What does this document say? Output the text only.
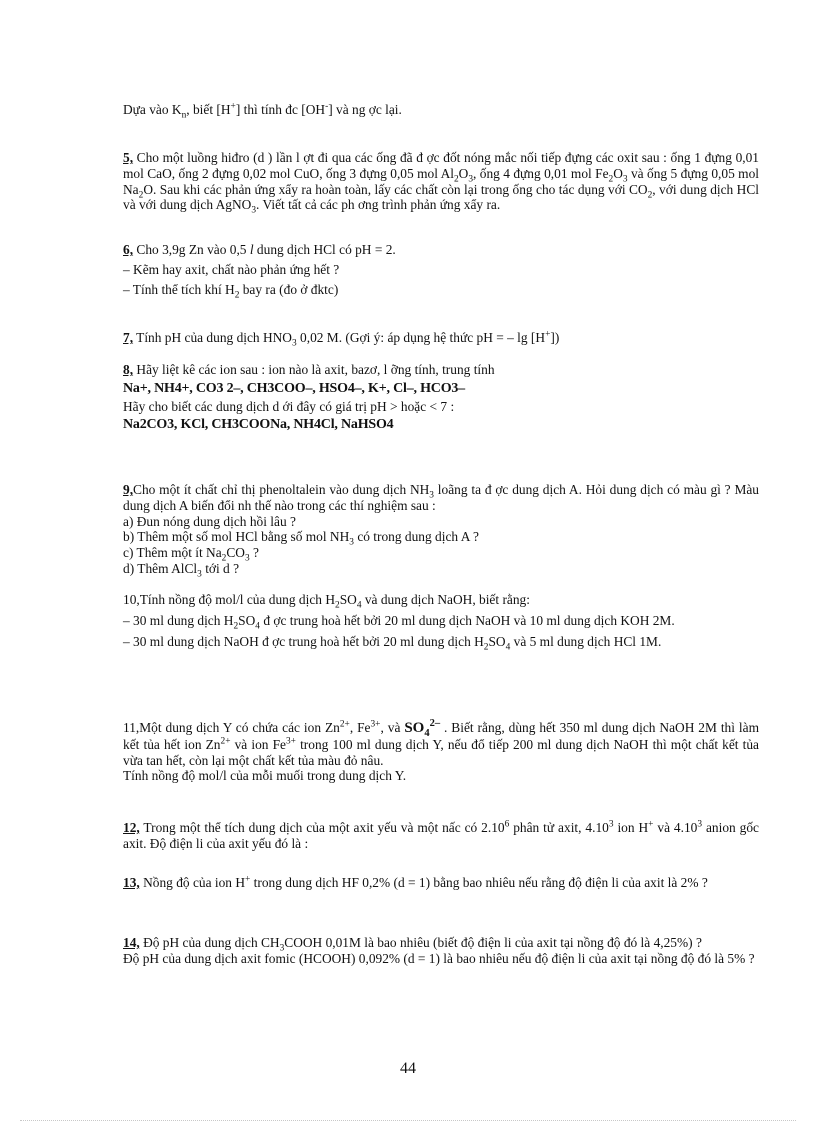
Dựa vào $K_n$, biết [H+] thì tính đc [OH-] và ng ợc lại.

5, Cho một luồng hiđro (d ) lần l ợt đi qua các ống đã đ ợc đốt nóng mắc nối tiếp đựng các oxit sau : ống 1 đựng 0,01 mol CaO, ống 2 đựng 0,02 mol CuO, ống 3 đựng 0,05 mol $Al_2O_3$, ống 4 đựng 0,01 mol $Fe_2O_3$ và ống 5 đựng 0,05 mol $Na_2O$. Sau khi các phản ứng xẩy ra hoàn toàn, lấy các chất còn lại trong ống cho tác dụng với $CO_2$, với dung dịch HCl và với dung dịch AgNO$_3$. Viết tất cả các ph ơng trình phản ứng xẩy ra.

6, Cho 3,9g Zn vào 0,5 l dung dịch HCl có pH = 2.

– Kẽm hay axit, chất nào phản ứng hết ?

– Tính thể tích khí $H_2$ bay ra (đo ở đktc)

7, Tính pH của dung dịch $HNO_3$ 0,02 M. (Gợi ý: áp dụng hệ thức pH = – lg [H+])

8, Hãy liệt kê các ion sau : ion nào là axit, bazơ, l ỡng tính, trung tính

Na+, NH4+, CO3 2–, CH3COO–, HSO4–, K+, Cl–, HCO3–

Hãy cho biết các dung dịch d ới đây có giá trị pH > hoặc < 7 :

Na2CO3, KCl, CH3COONa, NH4Cl, NaHSO4

9,Cho một ít chất chỉ thị phenoltalein vào dung dịch $NH_3$ loãng ta đ ợc dung dịch A. Hỏi dung dịch có màu gì ? Màu dung dịch A biến đổi nh thế nào trong các thí nghiệm sau :

a) Đun nóng dung dịch hồi lâu ?

b) Thêm một số mol HCl bằng số mol $NH_3$ có trong dung dịch A ?

c) Thêm một ít $Na_2CO_3$ ?

d) Thêm AlCl$_3$ tới d ?

10,Tính nồng độ mol/l của dung dịch $H_2SO_4$ và dung dịch NaOH, biết rằng:

– 30 ml dung dịch $H_2SO_4$ đ ợc trung hoà hết bởi 20 ml dung dịch NaOH và 10 ml dung dịch KOH 2M.

– 30 ml dung dịch NaOH đ ợc trung hoà hết bởi 20 ml dung dịch $H_2SO_4$ và 5 ml dung dịch HCl 1M.

11,Một dung dịch Y có chứa các ion $Zn^{2+}$, $Fe^{3+}$, và $SO_4^{2-}$ . Biết rằng, dùng hết 350 ml dung dịch NaOH 2M thì làm kết tủa hết ion $Zn^{2+}$ và ion $Fe^{3+}$ trong 100 ml dung dịch Y, nếu đổ tiếp 200 ml dung dịch NaOH thì một chất kết tủa vừa tan hết, còn lại một chất kết tủa màu đỏ nâu.

Tính nồng độ mol/l của mỗi muối trong dung dịch Y.

12, Trong một thể tích dung dịch của một axit yếu và một nấc có 2.10$^6$ phân tử axit, 4.10$^3$ ion H+ và 4.10$^3$ anion gốc axit. Độ điện li của axit yếu đó là :

13, Nồng độ của ion H+ trong dung dịch HF 0,2% (d = 1) bằng bao nhiêu nếu rằng độ điện li của axit là 2% ?

14, Độ pH của dung dịch $CH_3COOH$ 0,01M là bao nhiêu (biết độ điện li của axit tại nồng độ đó là 4,25%) ?

Độ pH của dung dịch axit fomic (HCOOH) 0,092% (d = 1) là bao nhiêu nếu độ điện li của axit tại nồng độ đó là 5% ?

44
